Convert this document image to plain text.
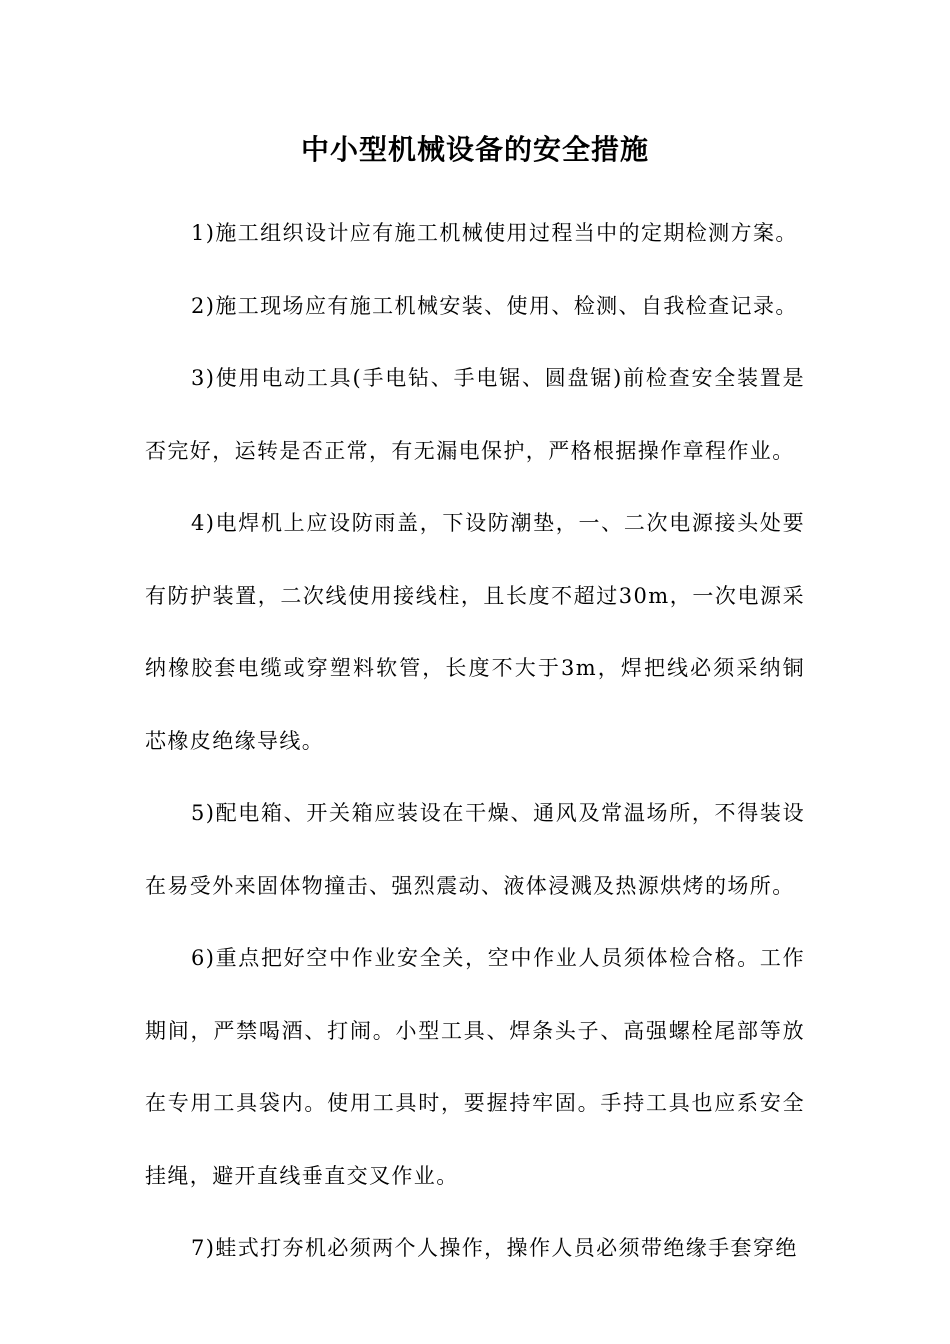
中小型机械设备的安全措施

1)施工组织设计应有施工机械使用过程当中的定期检测方案。

2)施工现场应有施工机械安装、使用、检测、自我检查记录。

3)使用电动工具(手电钻、手电锯、圆盘锯)前检查安全装置是否完好，运转是否正常，有无漏电保护，严格根据操作章程作业。

4)电焊机上应设防雨盖，下设防潮垫，一、二次电源接头处要有防护装置，二次线使用接线柱，且长度不超过30m，一次电源采纳橡胶套电缆或穿塑料软管，长度不大于3m，焊把线必须采纳铜芯橡皮绝缘导线。

5)配电箱、开关箱应装设在干燥、通风及常温场所，不得装设在易受外来固体物撞击、强烈震动、液体浸溅及热源烘烤的场所。

6)重点把好空中作业安全关，空中作业人员须体检合格。工作期间，严禁喝酒、打闹。小型工具、焊条头子、高强螺栓尾部等放在专用工具袋内。使用工具时，要握持牢固。手持工具也应系安全挂绳，避开直线垂直交叉作业。

7)蛙式打夯机必须两个人操作，操作人员必须带绝缘手套穿绝
